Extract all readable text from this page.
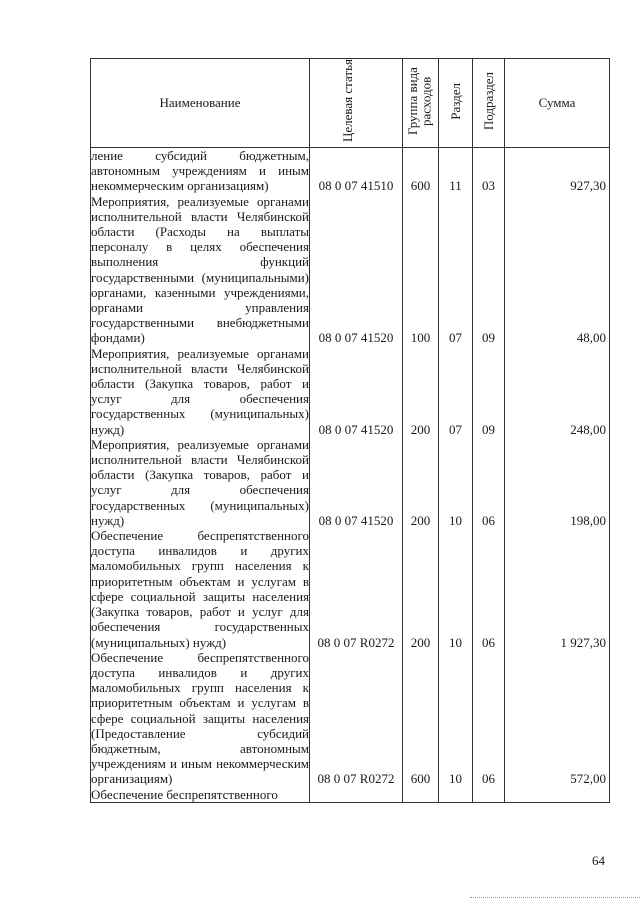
Наименование	Целевая статья	Группа вида расходов	Раздел	Подраздел	Сумма
ление субсидий бюджетным, автономным учреждениям и иным некоммерческим организациям)	08 0 07 41510	600	11	03	927,30
Мероприятия, реализуемые органами исполнительной власти Челябинской области (Расходы на выплаты персоналу в целях обеспечения выполнения функций государственными (муниципальными) органами, казенными учреждениями, органами управления государственными внебюджетными фондами)	08 0 07 41520	100	07	09	48,00
Мероприятия, реализуемые органами исполнительной власти Челябинской области (Закупка товаров, работ и услуг для обеспечения государственных (муниципальных) нужд)	08 0 07 41520	200	07	09	248,00
Мероприятия, реализуемые органами исполнительной власти Челябинской области (Закупка товаров, работ и услуг для обеспечения государственных (муниципальных) нужд)	08 0 07 41520	200	10	06	198,00
Обеспечение беспрепятственного доступа инвалидов и других маломобильных групп населения к приоритетным объектам и услугам в сфере социальной защиты населения (Закупка товаров, работ и услуг для обеспечения государственных (муниципальных) нужд)	08 0 07 R0272	200	10	06	1 927,30
Обеспечение беспрепятственного доступа инвалидов и других маломобильных групп населения к приоритетным объектам и услугам в сфере социальной защиты населения (Предоставление субсидий бюджетным, автономным учреждениям и иным некоммерческим организациям)	08 0 07 R0272	600	10	06	572,00
Обеспечение беспрепятственного					
64
